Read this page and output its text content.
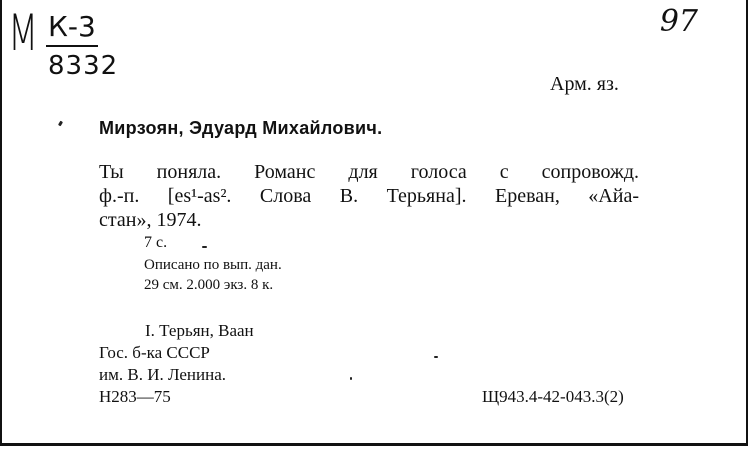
M К-3
8332
97
Арм. яз.
Мирзоян, Эдуард Михайлович.
Ты поняла. Романс для голоса с сопровожд.
ф.-п. [es¹-as². Слова В. Терьяна]. Ереван, «Айа-
стан», 1974.
7 с.
Описано по вып. дан.
29 см. 2.000 экз. 8 к.
I. Терьян, Ваан
Гос. б-ка СССР
им. В. И. Ленина.
Н283—75	Щ943.4-42-043.3(2)
